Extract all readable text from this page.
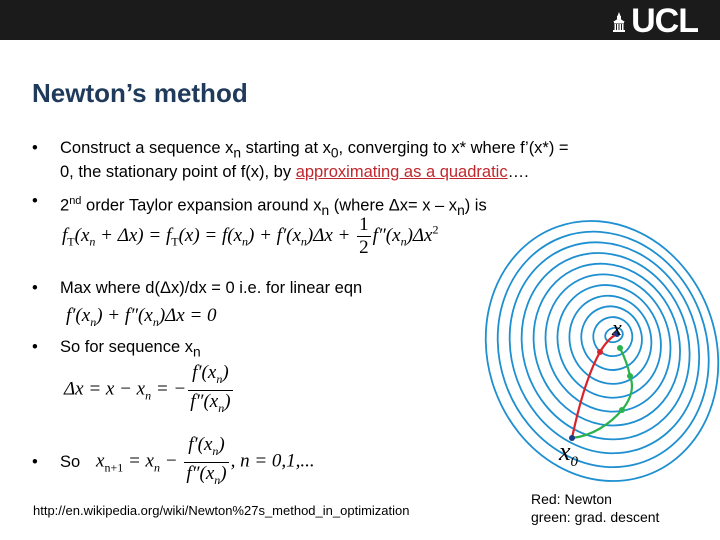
UCL
Newton’s method
• Construct a sequence $x_n$ starting at $x_0$, converging to x* where f’(x*) =
0, the stationary point of f(x), by approximating as a quadratic….
• 2nd order Taylor expansion around $x_n$ (where $\Delta x= x - x_n$) is
$f_T(x_n + \Delta x) = f_T(x) = f(x_n) + f'(x_n)\Delta x + \frac{1}{2} f''(x_n)\Delta x^2$
• Max where d(Δx)/dx = 0 i.e. for linear eqn
$f'(x_n) + f''(x_n)\Delta x = 0$
• So for sequence $x_n$
$\Delta x = x - x_n$ = − $\frac{f'(x_n)}{f''(x_n)}$
• So $x_{n+1} = x_n - \frac{f'(x_n)}{f''(x_n)}$ , n = 0,1,...
x
$x_0$
http://en.wikipedia.org/wiki/Newton%27s_method_in_optimization
Red: Newton
green: grad. descent
